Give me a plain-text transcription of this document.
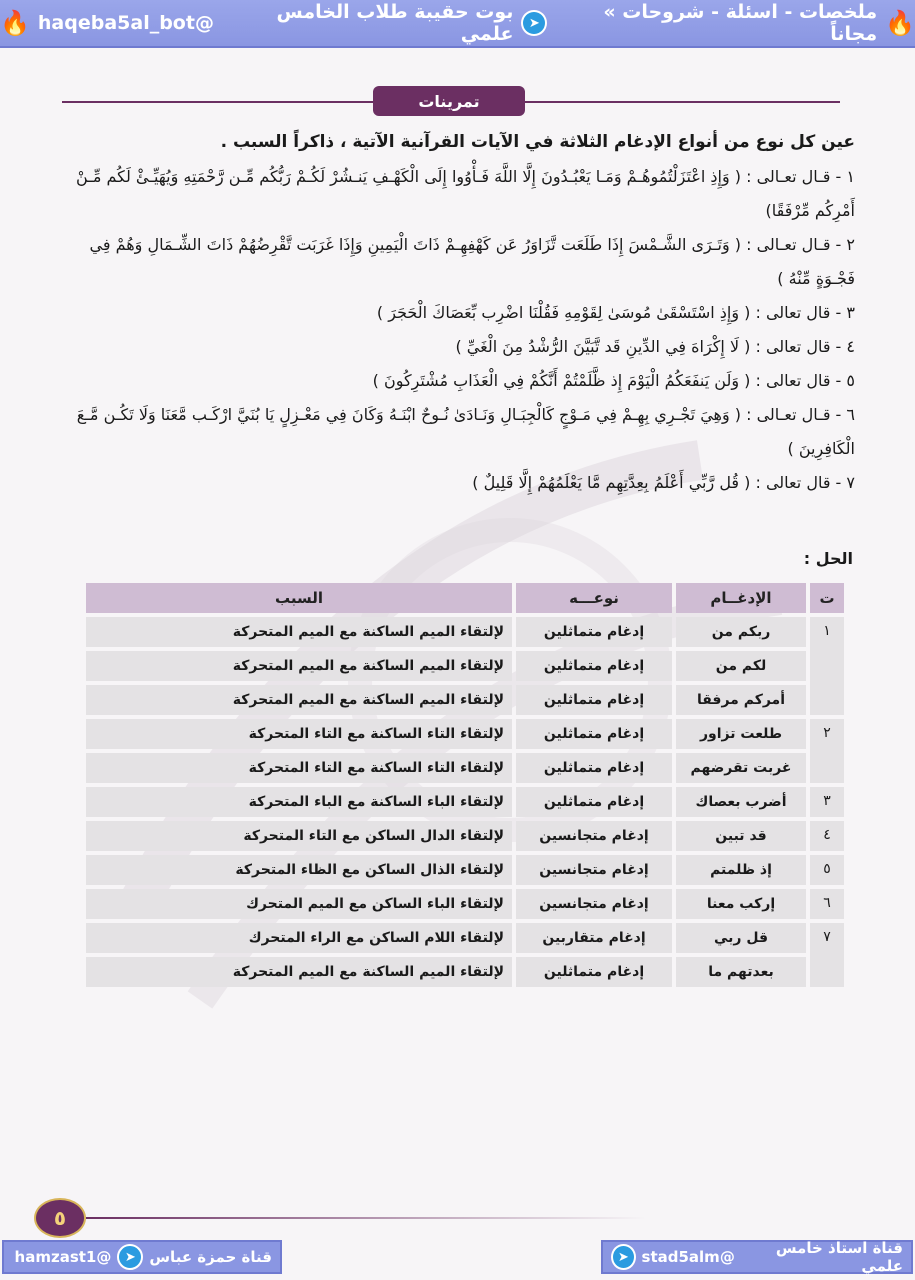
🔥
ملخصات - اسئلة - شروحات » مجاناً
➤
بوت حقيبة طلاب الخامس علمي
@haqeba5al_bot
🔥
تمرينات
عين كل نوع من أنواع الإدغام الثلاثة في الآيات القرآنية الآتية ، ذاكراً السبب .
١ - قـال تعـالى : ( وَإِذِ اعْتَزَلْتُمُوهُـمْ وَمَـا يَعْبُـدُونَ إِلَّا اللَّهَ فَـأْوُوا إِلَى الْكَهْـفِ يَنـشُرْ لَكُـمْ رَبُّكُم مِّـن رَّحْمَتِهِ وَيُهَيِّـئْ لَكُم مِّـنْ أَمْرِكُم مِّرْفَقًا)
٢ - قـال تعـالى : ( وَتَـرَى الشَّـمْسَ إِذَا طَلَعَت تَّزَاوَرُ عَن كَهْفِهِـمْ ذَاتَ الْيَمِينِ وَإِذَا غَرَبَت تَّقْرِضُهُمْ ذَاتَ الشِّـمَالِ وَهُمْ فِي فَجْـوَةٍ مِّنْهُ )
٣ - قال تعالى : ( وَإِذِ اسْتَسْقَىٰ مُوسَىٰ لِقَوْمِهِ فَقُلْنَا اضْرِب بِّعَصَاكَ الْحَجَرَ )
٤ - قال تعالى : ( لَا إِكْرَاهَ فِي الدِّينِ قَد تَّبَيَّنَ الرُّشْدُ مِنَ الْغَيِّ )
٥ - قال تعالى : ( وَلَن يَنفَعَكُمُ الْيَوْمَ إِذ ظَّلَمْتُمْ أَنَّكُمْ فِي الْعَذَابِ مُشْتَرِكُونَ )
٦ - قـال تعـالى : ( وَهِيَ تَجْـرِي بِهِـمْ فِي مَـوْجٍ كَالْجِبَـالِ وَنَـادَىٰ نُـوحٌ ابْنَـهُ وَكَانَ فِي مَعْـزِلٍ يَا بُنَيَّ ارْكَـب مَّعَنَا وَلَا تَكُـن مَّـعَ الْكَافِرِينَ )
٧ - قال تعالى : ( قُل رَّبِّي أَعْلَمُ بِعِدَّتِهِم مَّا يَعْلَمُهُمْ إِلَّا قَلِيلٌ )
الحل :
ت	الإدغــام	نوعـــه	السبب
١	ربكم من	إدغام متماثلين	لإلتقاء الميم الساكنة مع الميم المتحركة
	لكم من	إدغام متماثلين	لإلتقاء الميم الساكنة مع الميم المتحركة
	أمركم مرفقا	إدغام متماثلين	لإلتقاء الميم الساكنة مع الميم المتحركة
٢	طلعت تزاور	إدغام متماثلين	لإلتقاء التاء الساكنة مع التاء المتحركة
	غربت تقرضهم	إدغام متماثلين	لإلتقاء التاء الساكنة مع التاء المتحركة
٣	أضرب بعصاك	إدغام متماثلين	لإلتقاء الباء الساكنة مع الباء المتحركة
٤	قد تبين	إدغام متجانسين	لإلتقاء الدال الساكن مع التاء المتحركة
٥	إذ ظلمتم	إدغام متجانسين	لإلتقاء الذال الساكن مع الظاء المتحركة
٦	إركب معنا	إدغام متجانسين	لإلتقاء الباء الساكن مع الميم المتحرك
٧	قل ربي	إدغام متقاربين	لإلتقاء اللام الساكن مع الراء المتحرك
	بعدتهم ما	إدغام متماثلين	لإلتقاء الميم الساكنة مع الميم المتحركة
٥
قناة حمزة عباس
➤
@hamzast1	قناة استاذ خامس علمي
@stad5alm
➤
